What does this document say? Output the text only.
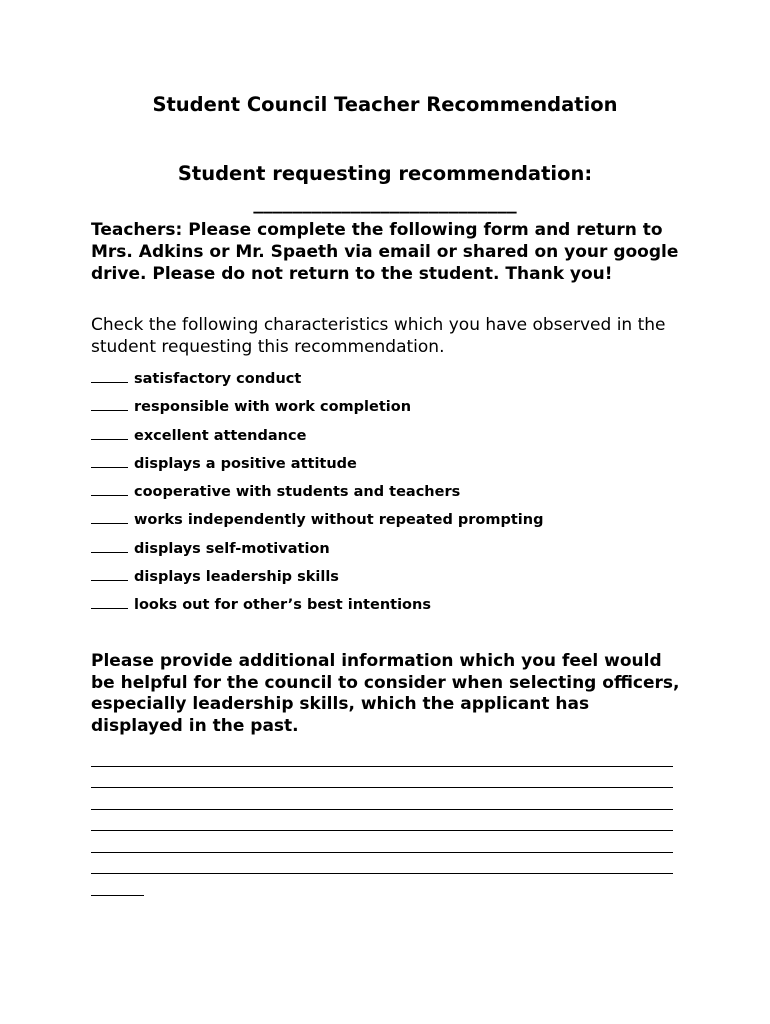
Student Council Teacher Recommendation
Student requesting recommendation:
___________________________
Teachers: Please complete the following form and return to Mrs. Adkins or Mr. Spaeth via email or shared on your google drive. Please do not return to the student. Thank you!
Check the following characteristics which you have observed in the student requesting this recommendation.
satisfactory conduct
responsible with work completion
excellent attendance
displays a positive attitude
cooperative with students and teachers
works independently without repeated prompting
displays self-motivation
displays leadership skills
looks out for other’s best intentions
Please provide additional information which you feel would be helpful for the council to consider when selecting officers, especially leadership skills, which the applicant has displayed in the past.
